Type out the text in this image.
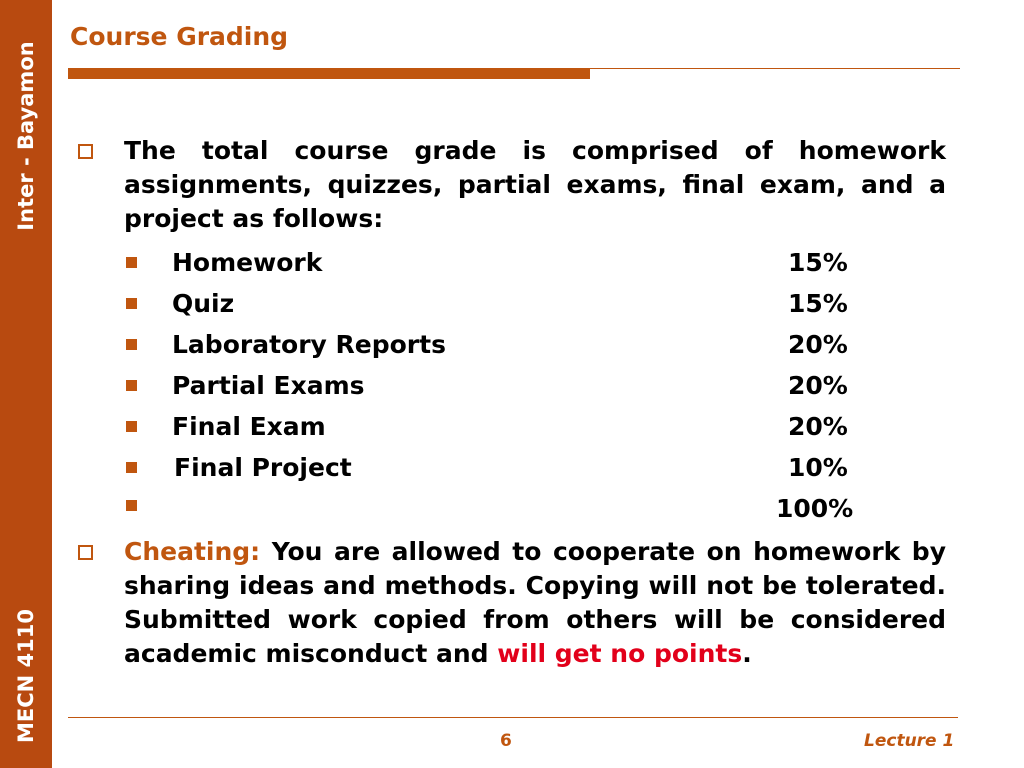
Inter - Bayamon
MECN 4110
Course Grading
The total course grade is comprised of homework assignments, quizzes, partial exams, final exam, and a project as follows:
Homework	15%
Quiz	15%
Laboratory Reports	20%
Partial Exams	20%
Final Exam	20%
Final Project	10%
100%
Cheating: You are allowed to cooperate on homework by sharing ideas and methods. Copying will not be tolerated. Submitted work copied from others will be considered academic misconduct and will get no points.
6	Lecture 1
